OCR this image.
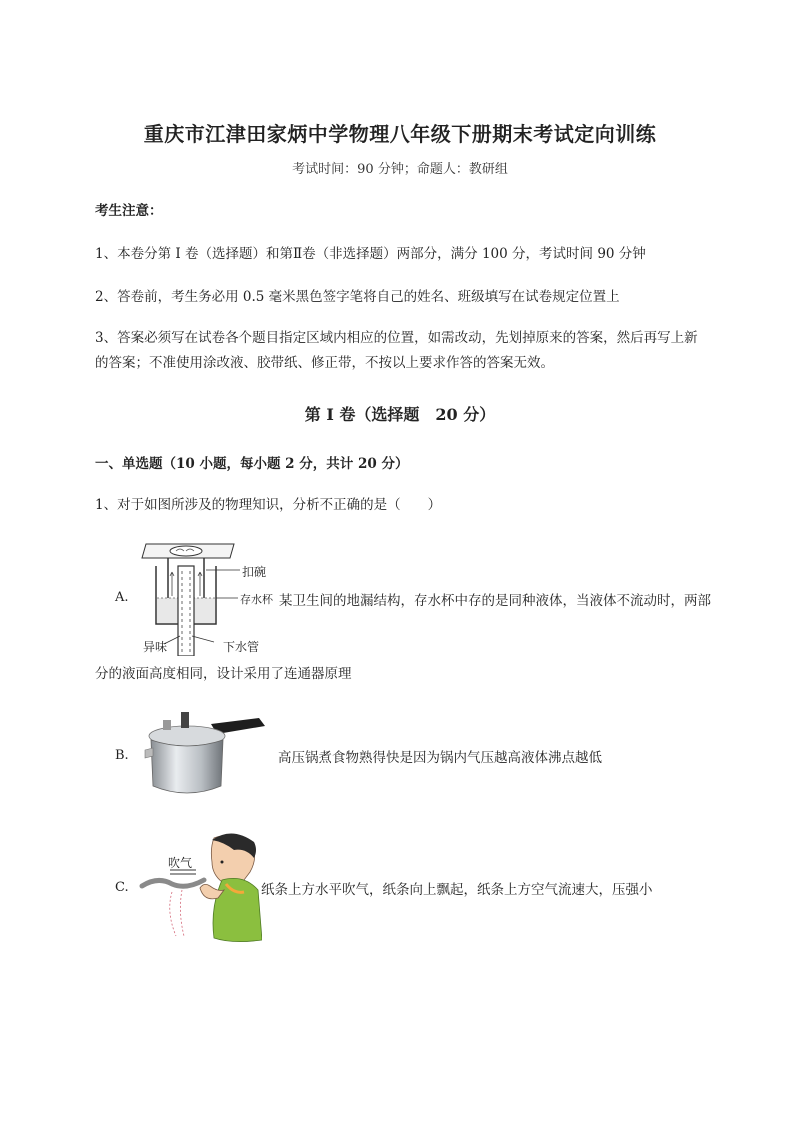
重庆市江津田家炳中学物理八年级下册期末考试定向训练
考试时间：90 分钟；命题人：教研组
考生注意：
1、本卷分第 I 卷（选择题）和第Ⅱ卷（非选择题）两部分，满分 100 分，考试时间 90 分钟
2、答卷前，考生务必用 0.5 毫米黑色签字笔将自己的姓名、班级填写在试卷规定位置上
3、答案必须写在试卷各个题目指定区域内相应的位置，如需改动，先划掉原来的答案，然后再写上新
的答案；不准使用涂改液、胶带纸、修正带，不按以上要求作答的答案无效。
第 I 卷（选择题　20 分）
一、单选题（10 小题，每小题 2 分，共计 20 分）
1、对于如图所涉及的物理知识，分析不正确的是（　　）
A.
扣碗
存水杯
异味	下水管
某卫生间的地漏结构，存水杯中存的是同种液体，当液体不流动时，两部
分的液面高度相同，设计采用了连通器原理
B.	高压锅煮食物熟得快是因为锅内气压越高液体沸点越低
C.
吹气
纸条上方水平吹气，纸条向上飘起，纸条上方空气流速大，压强小
